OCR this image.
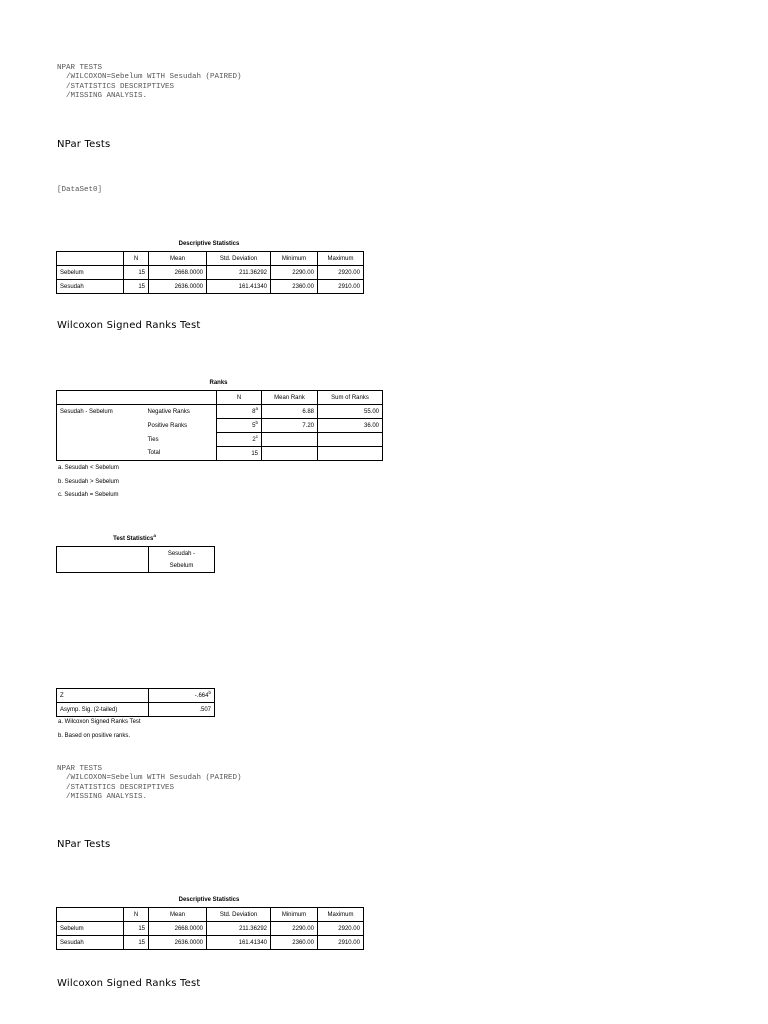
NPAR TESTS
/WILCOXON=Sebelum WITH Sesudah (PAIRED)
/STATISTICS DESCRIPTIVES
/MISSING ANALYSIS.
NPar Tests
[DataSet0]
Descriptive Statistics
	N	Mean	Std. Deviation	Minimum	Maximum
Sebelum	15	2668.0000	211.36292	2290.00	2920.00
Sesudah	15	2636.0000	161.41340	2360.00	2910.00
Wilcoxon Signed Ranks Test
Ranks
		N	Mean Rank	Sum of Ranks
Sesudah - Sebelum	Negative Ranks	8$^a$	6.88	55.00
	Positive Ranks	5$^b$	7.20	36.00
	Ties	2$^c$		
	Total	15		
a. Sesudah < Sebelum
b. Sesudah > Sebelum
c. Sesudah = Sebelum
Test Statistics$^a$
	Sesudah - Sebelum
Z	-.664$^b$
Asymp. Sig. (2-tailed)	.507
a. Wilcoxon Signed Ranks Test
b. Based on positive ranks.
NPAR TESTS
/WILCOXON=Sebelum WITH Sesudah (PAIRED)
/STATISTICS DESCRIPTIVES
/MISSING ANALYSIS.
NPar Tests
Descriptive Statistics
	N	Mean	Std. Deviation	Minimum	Maximum
Sebelum	15	2668.0000	211.36292	2290.00	2920.00
Sesudah	15	2636.0000	161.41340	2360.00	2910.00
Wilcoxon Signed Ranks Test
